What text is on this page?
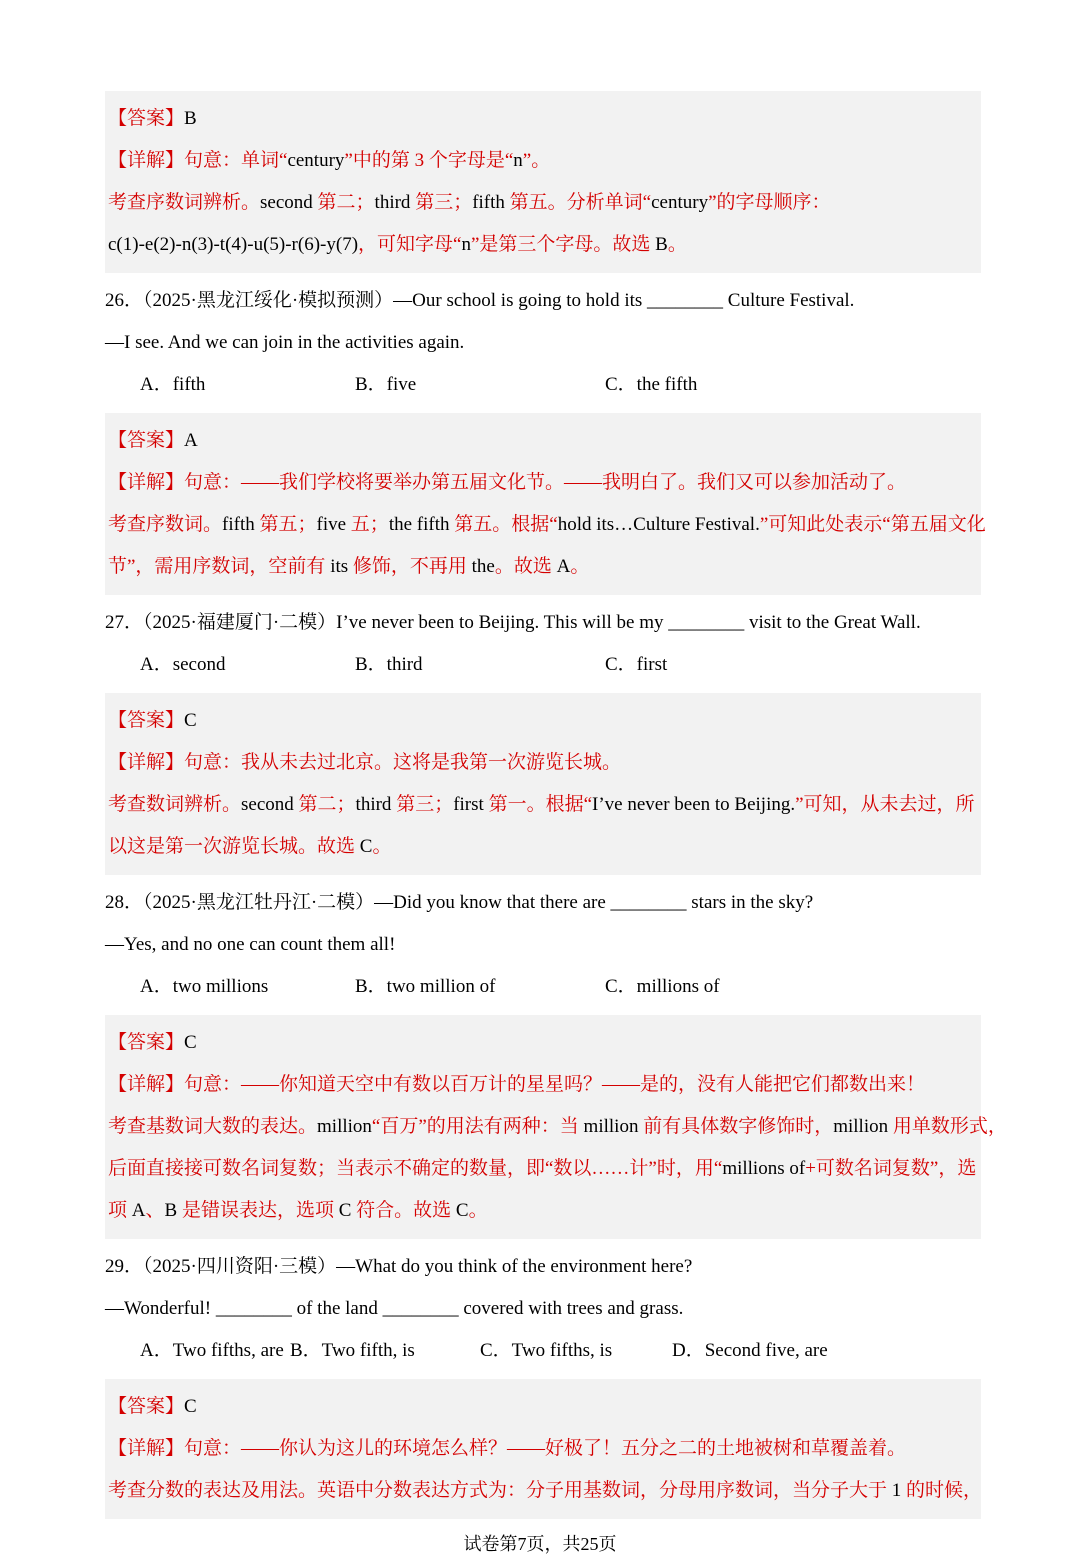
【答案】B
【详解】句意：单词“century”中的第 3 个字母是“n”。
考查序数词辨析。second 第二；third 第三；fifth 第五。分析单词“century”的字母顺序：
c(1)-e(2)-n(3)-t(4)-u(5)-r(6)-y(7)，可知字母“n”是第三个字母。故选 B。
26．（2025·黑龙江绥化·模拟预测）—Our school is going to hold its ________ Culture Festival.
—I see. And we can join in the activities again.
A．fifth	B．five	C．the fifth
【答案】A
【详解】句意：——我们学校将要举办第五届文化节。——我明白了。我们又可以参加活动了。
考查序数词。fifth 第五；five 五；the fifth 第五。根据“hold its…Culture Festival.”可知此处表示“第五届文化
节”，需用序数词，空前有 its 修饰，不再用 the。故选 A。
27．（2025·福建厦门·二模）I’ve never been to Beijing. This will be my ________ visit to the Great Wall.
A．second	B．third	C．first
【答案】C
【详解】句意：我从未去过北京。这将是我第一次游览长城。
考查数词辨析。second 第二；third 第三；first 第一。根据“I’ve never been to Beijing.”可知，从未去过，所
以这是第一次游览长城。故选 C。
28．（2025·黑龙江牡丹江·二模）—Did you know that there are ________ stars in the sky?
—Yes, and no one can count them all!
A．two millions	B．two million of	C．millions of
【答案】C
【详解】句意：——你知道天空中有数以百万计的星星吗？——是的，没有人能把它们都数出来！
考查基数词大数的表达。million“百万”的用法有两种：当 million 前有具体数字修饰时，million 用单数形式，
后面直接接可数名词复数；当表示不确定的数量，即“数以……计”时，用“millions of+可数名词复数”，选
项 A、B 是错误表达，选项 C 符合。故选 C。
29．（2025·四川资阳·三模）—What do you think of the environment here?
—Wonderful! ________ of the land ________ covered with trees and grass.
A．Two fifths, are B．Two fifth, is	C．Two fifths, is	D．Second five, are
【答案】C
【详解】句意：——你认为这儿的环境怎么样？——好极了！五分之二的土地被树和草覆盖着。
考查分数的表达及用法。英语中分数表达方式为：分子用基数词，分母用序数词，当分子大于 1 的时候，
试卷第7页，共25页
